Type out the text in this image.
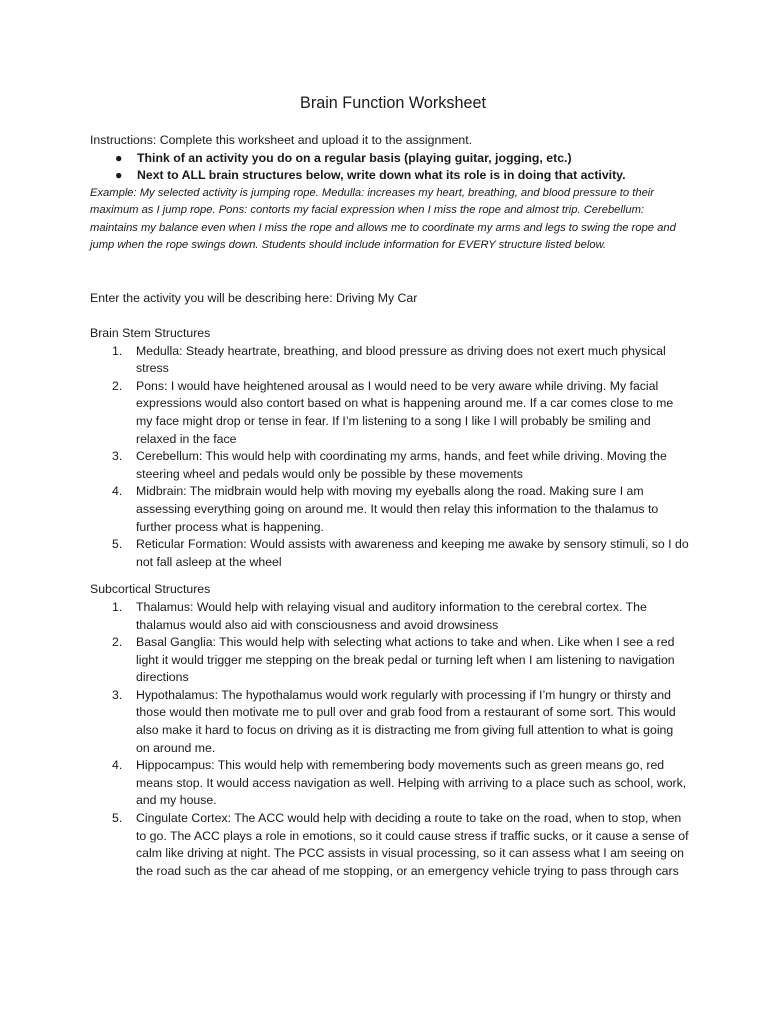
Brain Function Worksheet

Instructions: Complete this worksheet and upload it to the assignment.

● Think of an activity you do on a regular basis (playing guitar, jogging, etc.)
● Next to ALL brain structures below, write down what its role is in doing that activity.

Example: My selected activity is jumping rope. Medulla: increases my heart, breathing, and blood pressure to their maximum as I jump rope. Pons: contorts my facial expression when I miss the rope and almost trip. Cerebellum: maintains my balance even when I miss the rope and allows me to coordinate my arms and legs to swing the rope and jump when the rope swings down. Students should include information for EVERY structure listed below.

Enter the activity you will be describing here: Driving My Car

Brain Stem Structures

1. Medulla: Steady heartrate, breathing, and blood pressure as driving does not exert much physical stress
2. Pons: I would have heightened arousal as I would need to be very aware while driving. My facial expressions would also contort based on what is happening around me. If a car comes close to me my face might drop or tense in fear. If I’m listening to a song I like I will probably be smiling and relaxed in the face
3. Cerebellum: This would help with coordinating my arms, hands, and feet while driving. Moving the steering wheel and pedals would only be possible by these movements
4. Midbrain: The midbrain would help with moving my eyeballs along the road. Making sure I am assessing everything going on around me. It would then relay this information to the thalamus to further process what is happening.
5. Reticular Formation: Would assists with awareness and keeping me awake by sensory stimuli, so I do not fall asleep at the wheel

Subcortical Structures

1. Thalamus: Would help with relaying visual and auditory information to the cerebral cortex. The thalamus would also aid with consciousness and avoid drowsiness
2. Basal Ganglia: This would help with selecting what actions to take and when. Like when I see a red light it would trigger me stepping on the break pedal or turning left when I am listening to navigation directions
3. Hypothalamus: The hypothalamus would work regularly with processing if I’m hungry or thirsty and those would then motivate me to pull over and grab food from a restaurant of some sort. This would also make it hard to focus on driving as it is distracting me from giving full attention to what is going on around me.
4. Hippocampus: This would help with remembering body movements such as green means go, red means stop. It would access navigation as well. Helping with arriving to a place such as school, work, and my house.
5. Cingulate Cortex: The ACC would help with deciding a route to take on the road, when to stop, when to go. The ACC plays a role in emotions, so it could cause stress if traffic sucks, or it cause a sense of calm like driving at night. The PCC assists in visual processing, so it can assess what I am seeing on the road such as the car ahead of me stopping, or an emergency vehicle trying to pass through cars
